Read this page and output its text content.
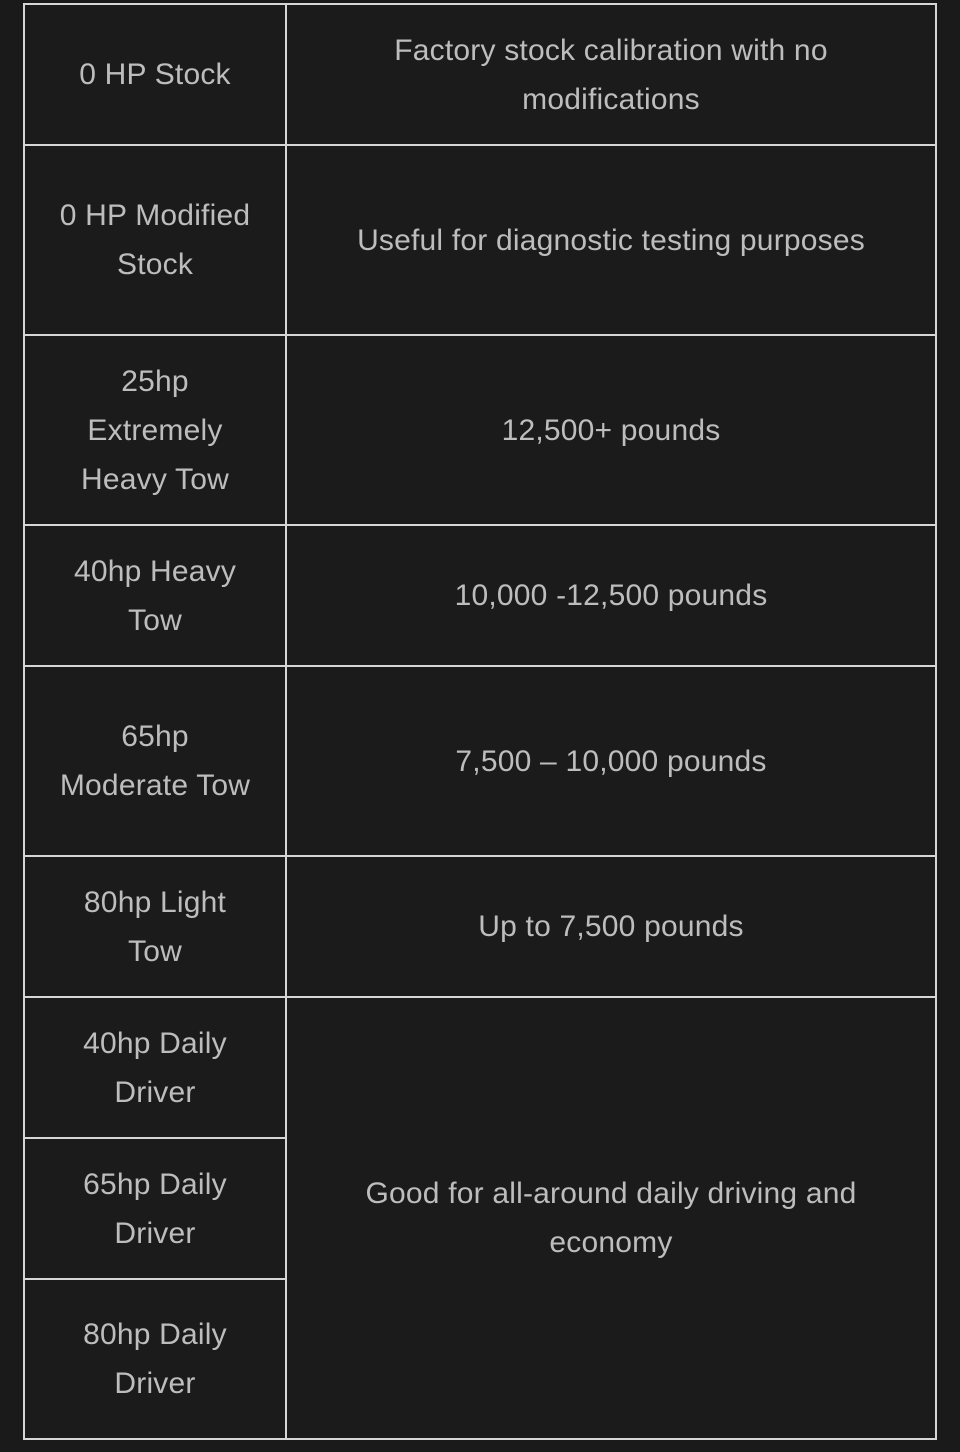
0 HP Stock	Factory stock calibration with no modifications
0 HP Modified Stock	Useful for diagnostic testing purposes
25hp Extremely Heavy Tow	12,500+ pounds
40hp Heavy Tow	10,000 -12,500 pounds
65hp Moderate Tow	7,500 – 10,000 pounds
80hp Light Tow	Up to 7,500 pounds
40hp Daily Driver	Good for all-around daily driving and economy
65hp Daily Driver	
80hp Daily Driver	
